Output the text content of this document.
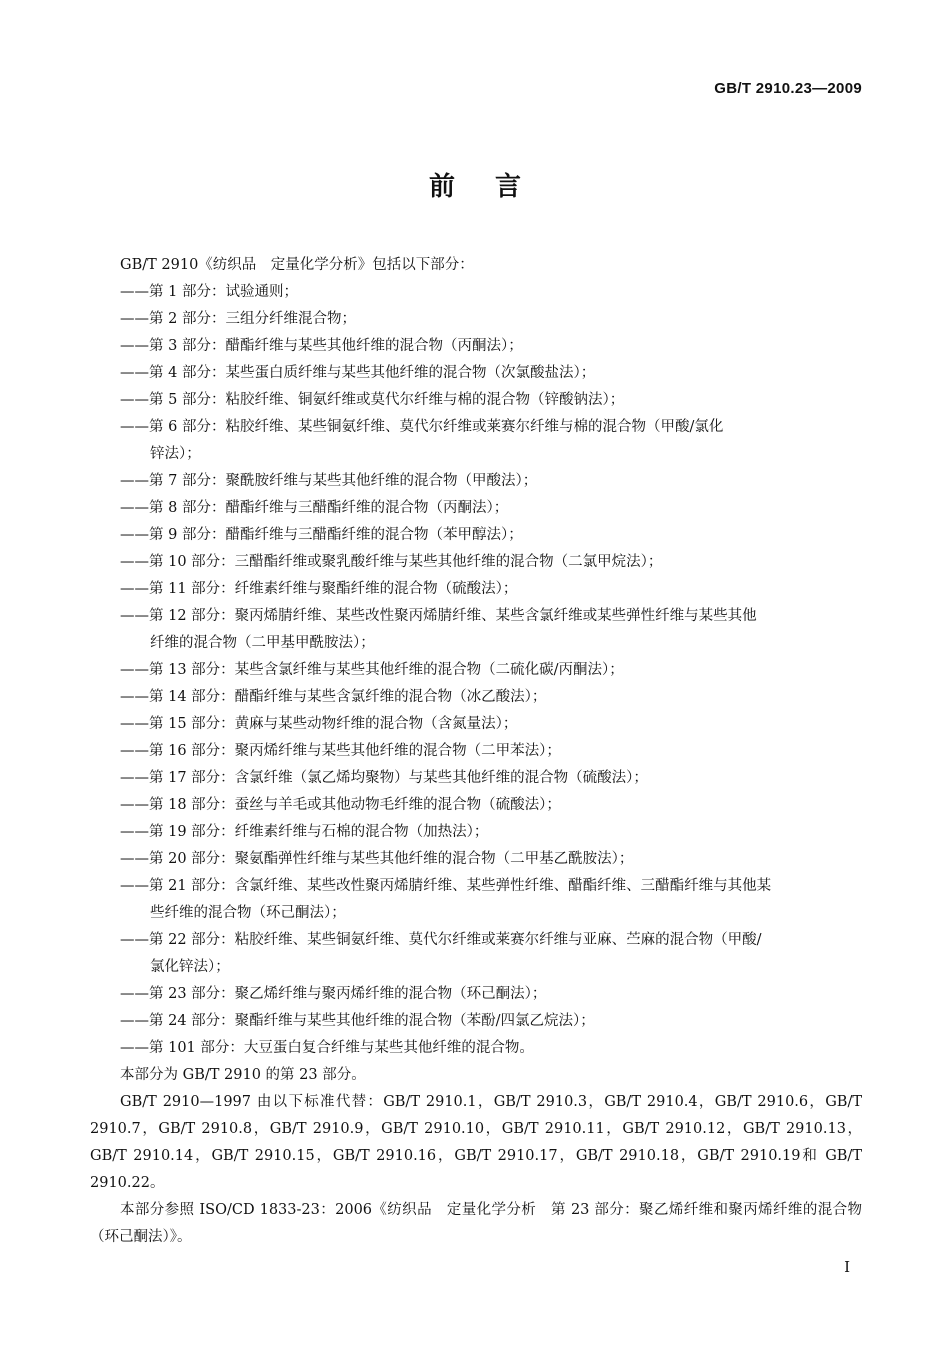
GB/T 2910.23—2009
前言

GB/T 2910《纺织品　定量化学分析》包括以下部分：

——第 1 部分：试验通则；

——第 2 部分：三组分纤维混合物；

——第 3 部分：醋酯纤维与某些其他纤维的混合物（丙酮法）；

——第 4 部分：某些蛋白质纤维与某些其他纤维的混合物（次氯酸盐法）；

——第 5 部分：粘胶纤维、铜氨纤维或莫代尔纤维与棉的混合物（锌酸钠法）；

——第 6 部分：粘胶纤维、某些铜氨纤维、莫代尔纤维或莱赛尔纤维与棉的混合物（甲酸/氯化

锌法）；

——第 7 部分：聚酰胺纤维与某些其他纤维的混合物（甲酸法）；

——第 8 部分：醋酯纤维与三醋酯纤维的混合物（丙酮法）；

——第 9 部分：醋酯纤维与三醋酯纤维的混合物（苯甲醇法）；

——第 10 部分：三醋酯纤维或聚乳酸纤维与某些其他纤维的混合物（二氯甲烷法）；

——第 11 部分：纤维素纤维与聚酯纤维的混合物（硫酸法）；

——第 12 部分：聚丙烯腈纤维、某些改性聚丙烯腈纤维、某些含氯纤维或某些弹性纤维与某些其他

纤维的混合物（二甲基甲酰胺法）；

——第 13 部分：某些含氯纤维与某些其他纤维的混合物（二硫化碳/丙酮法）；

——第 14 部分：醋酯纤维与某些含氯纤维的混合物（冰乙酸法）；

——第 15 部分：黄麻与某些动物纤维的混合物（含氮量法）；

——第 16 部分：聚丙烯纤维与某些其他纤维的混合物（二甲苯法）；

——第 17 部分：含氯纤维（氯乙烯均聚物）与某些其他纤维的混合物（硫酸法）；

——第 18 部分：蚕丝与羊毛或其他动物毛纤维的混合物（硫酸法）；

——第 19 部分：纤维素纤维与石棉的混合物（加热法）；

——第 20 部分：聚氨酯弹性纤维与某些其他纤维的混合物（二甲基乙酰胺法）；

——第 21 部分：含氯纤维、某些改性聚丙烯腈纤维、某些弹性纤维、醋酯纤维、三醋酯纤维与其他某

些纤维的混合物（环己酮法）；

——第 22 部分：粘胶纤维、某些铜氨纤维、莫代尔纤维或莱赛尔纤维与亚麻、苎麻的混合物（甲酸/

氯化锌法）；

——第 23 部分：聚乙烯纤维与聚丙烯纤维的混合物（环己酮法）；

——第 24 部分：聚酯纤维与某些其他纤维的混合物（苯酚/四氯乙烷法）；

——第 101 部分：大豆蛋白复合纤维与某些其他纤维的混合物。

本部分为 GB/T 2910 的第 23 部分。

GB/T 2910—1997 由以下标准代替：GB/T 2910.1，GB/T 2910.3，GB/T 2910.4，GB/T 2910.6，GB/T 2910.7，GB/T 2910.8，GB/T 2910.9，GB/T 2910.10，GB/T 2910.11，GB/T 2910.12，GB/T 2910.13，GB/T 2910.14，GB/T 2910.15，GB/T 2910.16，GB/T 2910.17，GB/T 2910.18，GB/T 2910.19和 GB/T 2910.22。

本部分参照 ISO/CD 1833-23：2006《纺织品　定量化学分析　第 23 部分：聚乙烯纤维和聚丙烯纤维的混合物（环己酮法）》。

I
